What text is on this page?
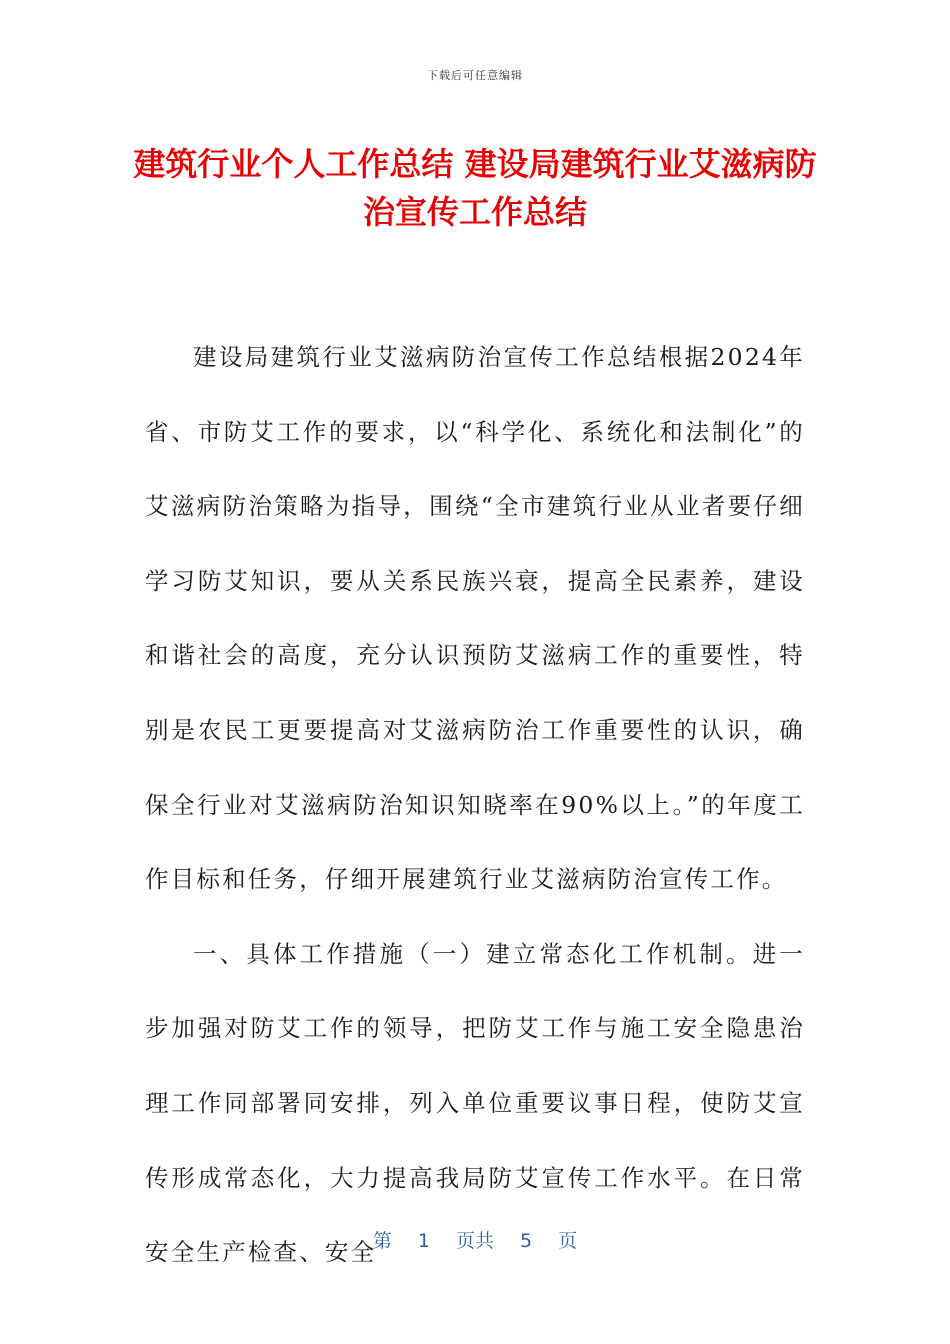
下载后可任意编辑
建筑行业个人工作总结 建设局建筑行业艾滋病防治宣传工作总结

建设局建筑行业艾滋病防治宣传工作总结根据2024年省、市防艾工作的要求，以“科学化、系统化和法制化”的艾滋病防治策略为指导，围绕“全市建筑行业从业者要仔细学习防艾知识，要从关系民族兴衰，提高全民素养，建设和谐社会的高度，充分认识预防艾滋病工作的重要性，特别是农民工更要提高对艾滋病防治工作重要性的认识，确保全行业对艾滋病防治知识知晓率在90%以上。”的年度工作目标和任务，仔细开展建筑行业艾滋病防治宣传工作。

一、具体工作措施（一）建立常态化工作机制。进一步加强对防艾工作的领导，把防艾工作与施工安全隐患治理工作同部署同安排，列入单位重要议事日程，使防艾宣传形成常态化，大力提高我局防艾宣传工作水平。在日常安全生产检查、安全

第 1 页共 5 页
